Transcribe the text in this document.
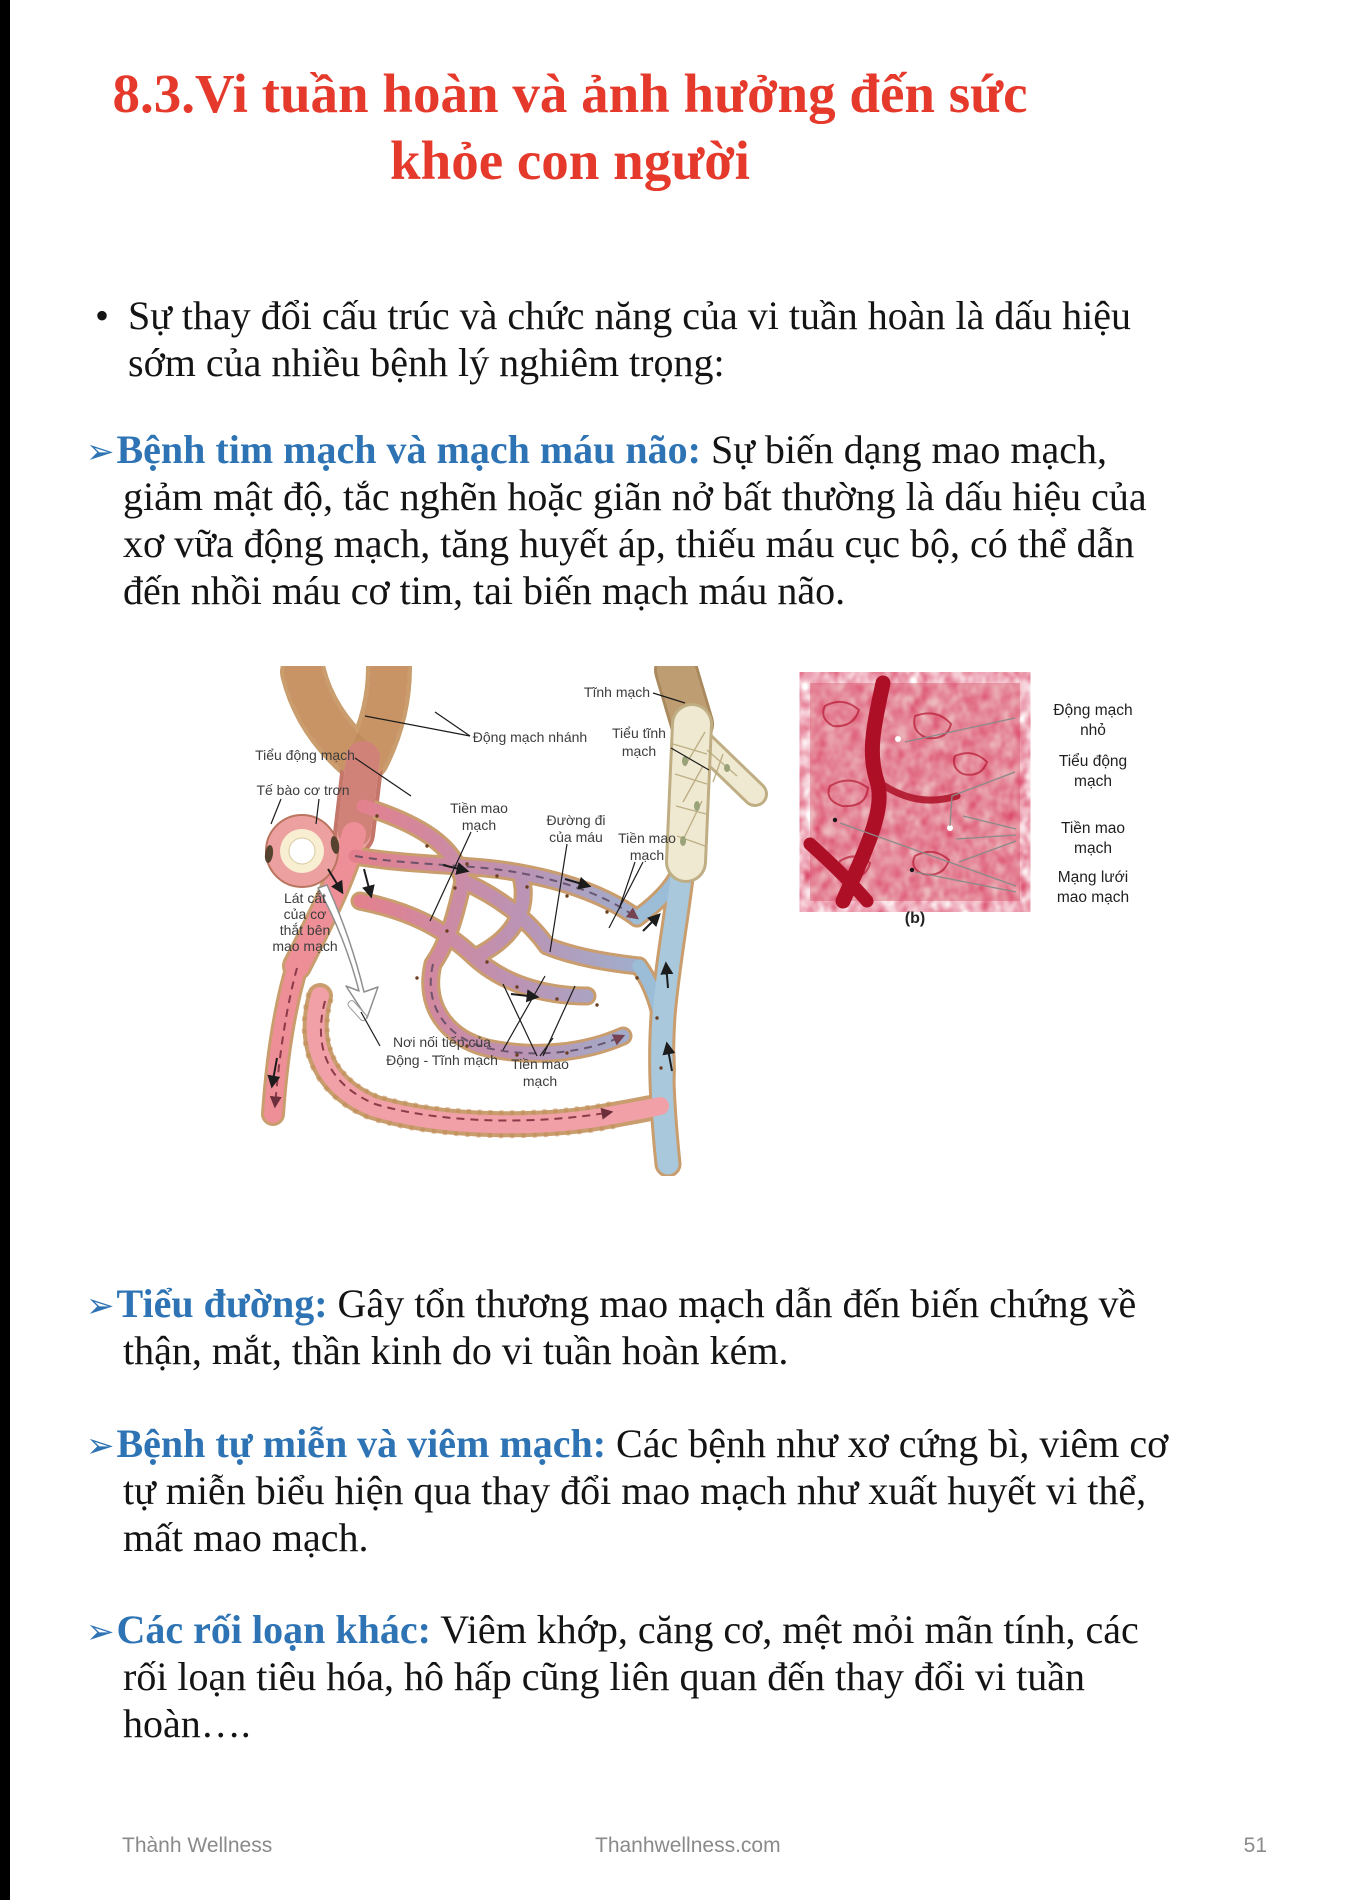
8.3.Vi tuần hoàn và ảnh hưởng đến sức
khỏe con người

• Sự thay đổi cấu trúc và chức năng của vi tuần hoàn là dấu hiệu sớm của nhiều bệnh lý nghiêm trọng:

➢Bệnh tim mạch và mạch máu não: Sự biến dạng mao mạch, giảm mật độ, tắc nghẽn hoặc giãn nở bất thường là dấu hiệu của xơ vữa động mạch, tăng huyết áp, thiếu máu cục bộ, có thể dẫn đến nhồi máu cơ tim, tai biến mạch máu não.

Tĩnh mạch
Tiểu tĩnh
mạch
Động mạch nhánh
Tiểu động mạch
Tế bào cơ trơn
Tiền mao
mạch	Đường đi
của máu Tiền mao
mạch
Lát cắt
của cơ
thắt bên
mao mạch
Nơi nối tiếp của
Động - Tĩnh mạch Tiền mao
mạch
Động mạch
nhỏ
Tiểu động
mạch
Tiền mao
mạch
Mạng lưới
mao mạch
(b)

➢Tiểu đường: Gây tổn thương mao mạch dẫn đến biến chứng về thận, mắt, thần kinh do vi tuần hoàn kém.

➢Bệnh tự miễn và viêm mạch: Các bệnh như xơ cứng bì, viêm cơ tự miễn biểu hiện qua thay đổi mao mạch như xuất huyết vi thể, mất mao mạch.

➢Các rối loạn khác: Viêm khớp, căng cơ, mệt mỏi mãn tính, các rối loạn tiêu hóa, hô hấp cũng liên quan đến thay đổi vi tuần hoàn….

Thành Wellness	Thanhwellness.com	51
